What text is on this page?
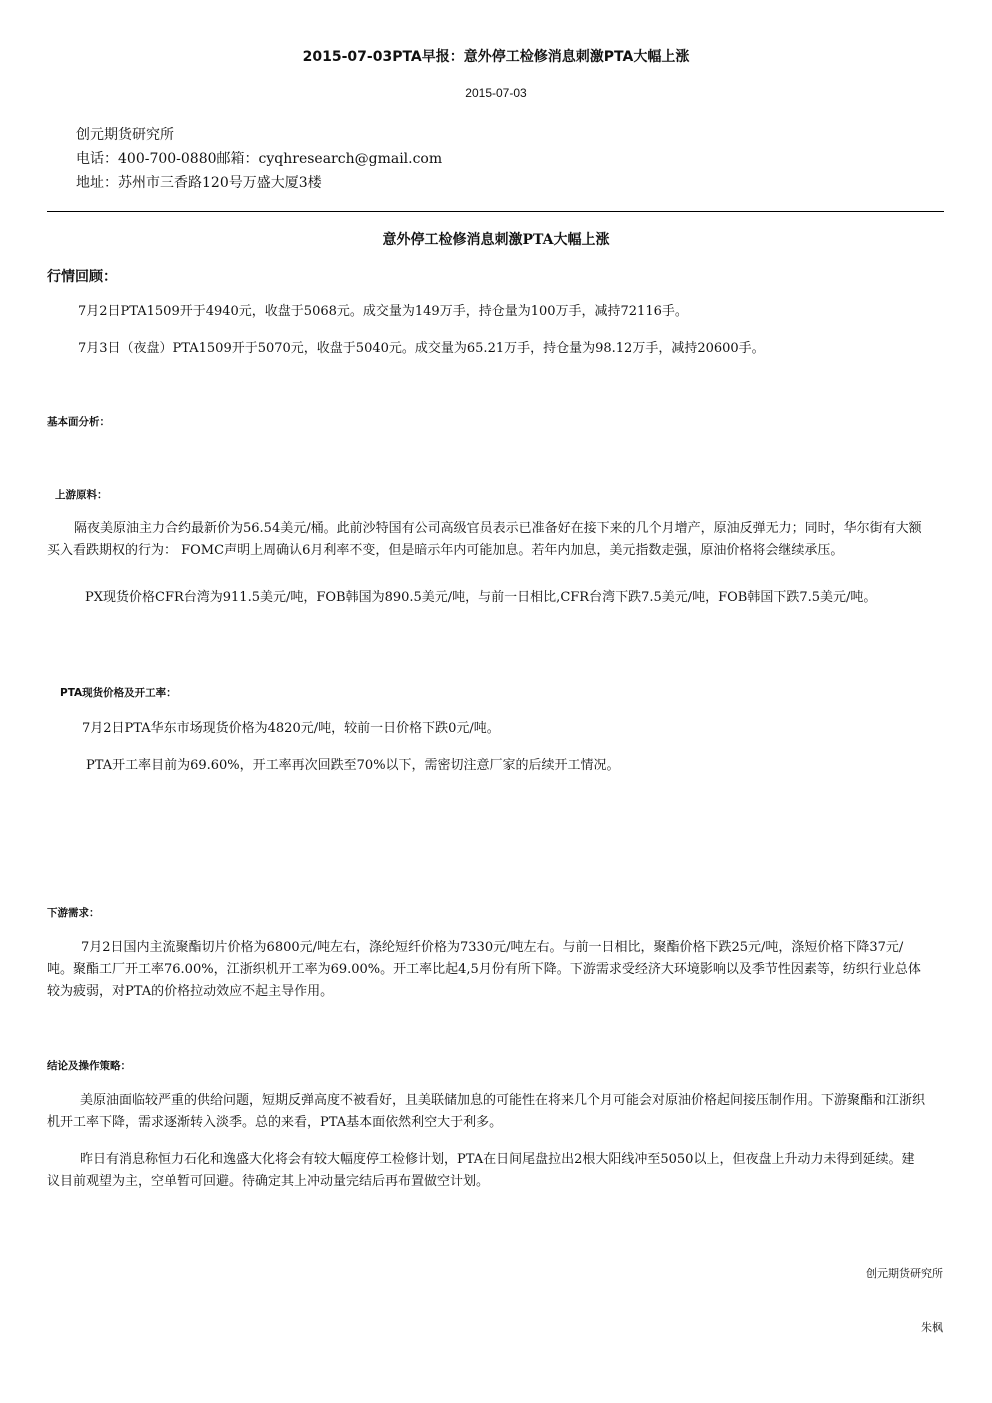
2015-07-03PTA早报：意外停工检修消息刺激PTA大幅上涨
2015-07-03
创元期货研究所
电话：400-700-0880邮箱：cyqhresearch@gmail.com
地址：苏州市三香路120号万盛大厦3楼
意外停工检修消息刺激PTA大幅上涨
行情回顾：
7月2日PTA1509开于4940元，收盘于5068元。成交量为149万手，持仓量为100万手，减持72116手。
7月3日（夜盘）PTA1509开于5070元，收盘于5040元。成交量为65.21万手，持仓量为98.12万手，减持20600手。
基本面分析：
上游原料：
隔夜美原油主力合约最新价为56.54美元/桶。此前沙特国有公司高级官员表示已准备好在接下来的几个月增产，原油反弹无力；同时，华尔街有大额买入看跌期权的行为： FOMC声明上周确认6月利率不变，但是暗示年内可能加息。若年内加息，美元指数走强，原油价格将会继续承压。
PX现货价格CFR台湾为911.5美元/吨，FOB韩国为890.5美元/吨，与前一日相比,CFR台湾下跌7.5美元/吨，FOB韩国下跌7.5美元/吨。
PTA现货价格及开工率：
7月2日PTA华东市场现货价格为4820元/吨，较前一日价格下跌0元/吨。
PTA开工率目前为69.60%，开工率再次回跌至70%以下，需密切注意厂家的后续开工情况。
下游需求：
7月2日国内主流聚酯切片价格为6800元/吨左右，涤纶短纤价格为7330元/吨左右。与前一日相比，聚酯价格下跌25元/吨，涤短价格下降37元/吨。聚酯工厂开工率76.00%，江浙织机开工率为69.00%。开工率比起4,5月份有所下降。下游需求受经济大环境影响以及季节性因素等，纺织行业总体较为疲弱，对PTA的价格拉动效应不起主导作用。
结论及操作策略：
美原油面临较严重的供给问题，短期反弹高度不被看好，且美联储加息的可能性在将来几个月可能会对原油价格起间接压制作用。下游聚酯和江浙织机开工率下降，需求逐渐转入淡季。总的来看，PTA基本面依然利空大于利多。
昨日有消息称恒力石化和逸盛大化将会有较大幅度停工检修计划，PTA在日间尾盘拉出2根大阳线冲至5050以上，但夜盘上升动力未得到延续。建议目前观望为主，空单暂可回避。待确定其上冲动量完结后再布置做空计划。
创元期货研究所
朱枫
